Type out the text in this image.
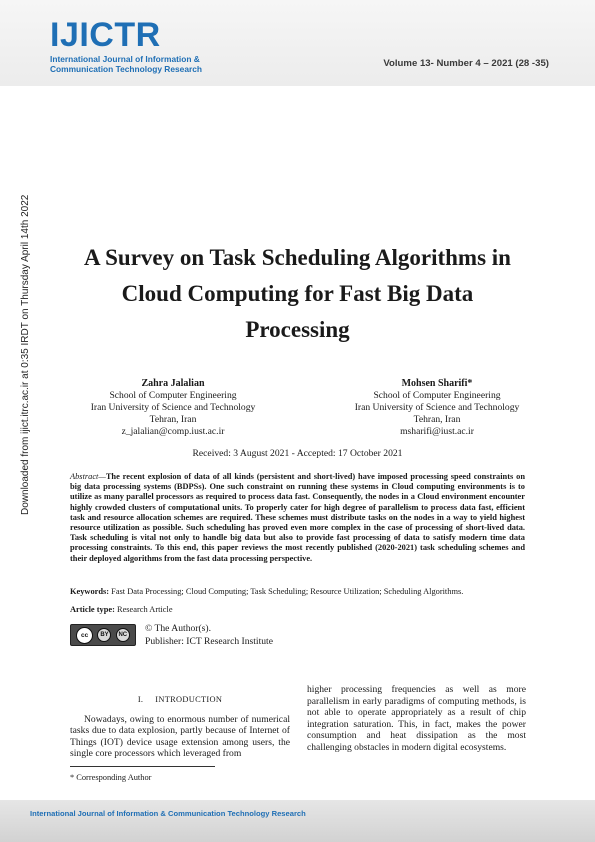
IJICTR
International Journal of Information &
Communication Technology Research	Volume 13- Number 4 – 2021 (28 -35)
Downloaded from ijict.itrc.ac.ir at 0:35 IRDT on Thursday April 14th 2022	A Survey on Task Scheduling Algorithms in Cloud Computing for Fast Big Data Processing
Zahra Jalalian
School of Computer Engineering
Iran University of Science and Technology
Tehran, Iran
z_jalalian@comp.iust.ac.ir
Mohsen Sharifi*
School of Computer Engineering
Iran University of Science and Technology
Tehran, Iran
msharifi@iust.ac.ir
Received: 3 August 2021 - Accepted: 17 October 2021
Abstract—The recent explosion of data of all kinds (persistent and short-lived) have imposed processing speed constraints on big data processing systems (BDPSs). One such constraint on running these systems in Cloud computing environments is to utilize as many parallel processors as required to process data fast. Consequently, the nodes in a Cloud environment encounter highly crowded clusters of computational units. To properly cater for high degree of parallelism to process data fast, efficient task and resource allocation schemes are required. These schemes must distribute tasks on the nodes in a way to yield highest resource utilization as possible. Such scheduling has proved even more complex in the case of processing of short-lived data. Task scheduling is vital not only to handle big data but also to provide fast processing of data to satisfy modern time data processing constraints. To this end, this paper reviews the most recently published (2020-2021) task scheduling schemes and their deployed algorithms from the fast data processing perspective.
Keywords: Fast Data Processing; Cloud Computing; Task Scheduling; Resource Utilization; Scheduling Algorithms.
Article type: Research Article
cc	BY	NC
© The Author(s).
Publisher: ICT Research Institute
I. INTRODUCTION

Nowadays, owing to enormous number of numerical tasks due to data explosion, partly because of Internet of Things (IOT) device usage extension among users, the single core processors which leveraged from

higher processing frequencies as well as more parallelism in early paradigms of computing methods, is not able to operate appropriately as a result of chip integration saturation. This, in fact, makes the power consumption and heat dissipation as the most challenging obstacles in modern digital ecosystems.

* Corresponding Author
International Journal of Information & Communication Technology Research
